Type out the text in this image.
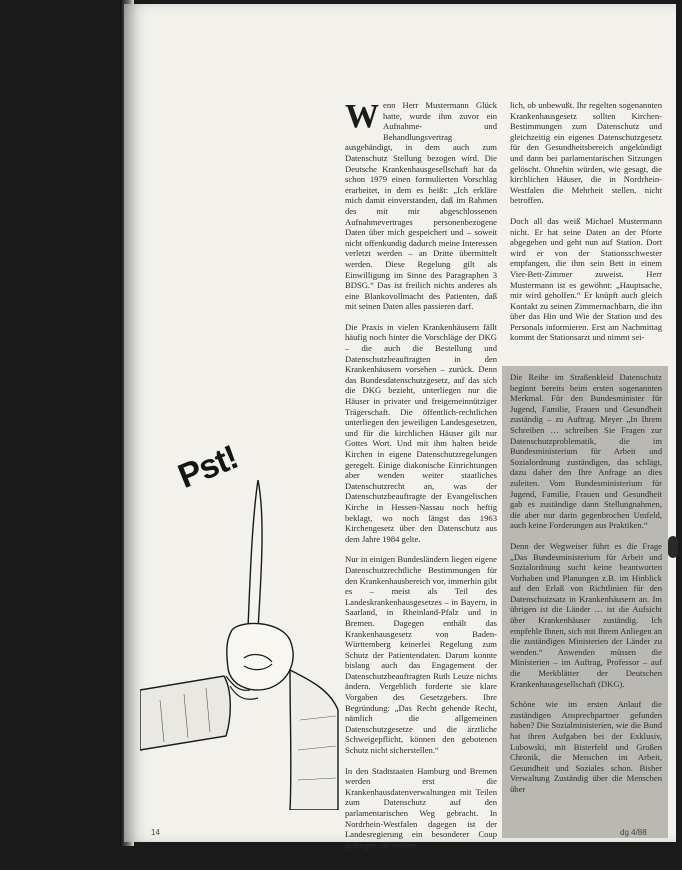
Wenn Herr Mustermann Glück hatte, wurde ihm zuvor ein Aufnahme- und Behandlungsvertrag ausgehändigt, in dem auch zum Datenschutz Stellung bezogen wird. Die Deutsche Krankenhausgesellschaft hat da schon 1979 einen formulierten Vorschlag erarbeitet, in dem es heißt: „Ich erkläre mich damit einverstanden, daß im Rahmen des mit mir abgeschlossenen Aufnahmevertrages personenbezogene Daten über mich gespeichert und – soweit nicht offenkundig dadurch meine Interessen verletzt werden – an Dritte übermittelt werden. Diese Regelung gilt als Einwilligung im Sinne des Paragraphen 3 BDSG.“ Das ist freilich nichts anderes als eine Blankovollmacht des Patienten, daß mit seinen Daten alles passieren darf.

Die Praxis in vielen Krankenhäusern fällt häufig noch hinter die Vorschläge der DKG – die auch die Bestellung und Datenschutzbeauftragten in den Krankenhäusern vorsehen – zurück. Denn das Bundesdatenschutzgesetz, auf das sich die DKG bezieht, unterliegen nur die Häuser in privater und freigemeinnütziger Trägerschaft. Die öffentlich-rechtlichen unterliegen den jeweiligen Landesgesetzen, und für die kirchlichen Häuser gilt nur Gottes Wort. Und mit ihm halten beide Kirchen in eigene Datenschutzregelungen geregelt. Einige diakonische Einrichtungen aber wenden weiter staatliches Datenschutzrecht an, was der Datenschutzbeauftragte der Evangelischen Kirche in Hessen-Nassau noch heftig beklagt, wo noch längst das 1963 Kirchengesetz über den Datenschutz aus dem Jahre 1984 gelte.

Nur in einigen Bundesländern liegen eigene Datenschutzrechtliche Bestimmungen für den Krankenhausbereich vor, immerhin gibt es – meist als Teil des Landeskrankenhausgesetzes – in Bayern, in Saarland, in Rheinland-Pfalz und in Bremen. Dagegen enthält das Krankenhausgesetz von Baden-Württemberg keinerlei Regelung zum Schutz der Patientendaten. Darum konnte bislang auch das Engagement der Datenschutzbeauftragten Ruth Leuze nichts ändern. Vergeblich forderte sie klare Vorgaben des Gesetzgebers. Ihre Begründung: „Das Recht gehende Recht, nämlich die allgemeinen Datenschutzgesetze und die ärztliche Schweigepflicht, können den gebotenen Schutz nicht sicherstellen.“

In den Stadtstaaten Hamburg und Bremen werden erst die Krankenhausdatenverwaltungen mit Teilen zum Datenschutz auf den parlamentarischen Weg gebracht. In Nordrhein-Westfalen dagegen ist der Landesregierung ein besonderer Coup gelungen, ob willent-

lich, ob unbewußt. Ihr regelten sogenannten Krankenhausgesetz sollten Kirchen-Bestimmungen zum Datenschutz und gleichzeitig ein eigenes Datenschutzgesetz für den Gesundheitsbereich angekündigt und dann bei parlamentarischen Sitzungen gelöscht. Ohnehin würden, wie gesagt, die kirchlichen Häuser, die in Nordrhein-Westfalen die Mehrheit stellen, nicht betroffen.

Doch all das weiß Michael Mustermann nicht. Er hat seine Daten an der Pforte abgegeben und geht nun auf Station. Dort wird er von der Stationsschwester empfangen, die ihm sein Bett in einem Vier-Bett-Zimmer zuweist. Herr Mustermann ist es gewöhnt: „Hauptsache, mir wird geholfen.“ Er knüpft auch gleich Kontakt zu seinen Zimmernachbarn, die ihn über das Hin und Wie der Station und des Personals informieren. Erst am Nachmittag kommt der Stationsarzt und nimmt sei-

Die Reihe im Straßenkleid Datenschutz beginnt bereits beim ersten sogenannten Merkmal. Für den Bundesminister für Jugend, Familie, Frauen und Gesundheit zuständig – zu Auftrag. Meyer „In Ihrem Schreiben … schreiben Sie Fragen zur Datenschutzproblematik, die im Bundesministerium für Arbeit und Sozialordnung zuständigen, das schlägt, dazu daher den Ihre Anfrage an dies zuleiten. Vom Bundesministerium für Jugend, Familie, Frauen und Gesundheit gab es zuständige dann Stellungnahmen, die aber nur darin gegenbrochen Umfeld, auch keine Forderungen aus Praktiken.“

Denn der Wegweiser führt es die Frage „Das Bundesministerium für Arbeit und Sozialordnung sucht keine beantworten Vorhaben und Planungen z.B. im Hinblick auf den Erlaß von Richtlinien für den Datenschutzsatz in Krankenhäusern an. Im übrigen ist die Länder … ist die Aufsicht über Krankenhäuser zuständig. Ich empfehle Ihnen, sich mit Ihrem Anliegen an die zuständigen Ministerien der Länder zu wenden.“ Anwenden müssen die Ministerien – im Auftrag, Professor – auf die Merkblätter der Deutschen Krankenhausgesellschaft (DKG).

Schöne wie im ersten Anlauf die zuständigen Ansprechpartner gefunden haben? Die Sozialministerien, wie die Bund hat ihren Aufgaben bei der Exklusiv, Lubowski, mit Bisterfeld und Großen Chronik, die Menschen im Arbeit, Gesundheit und Soziales schon. Bisher Verwaltung Zuständig über die Menschen über

Pst!
14	dg 4/88
